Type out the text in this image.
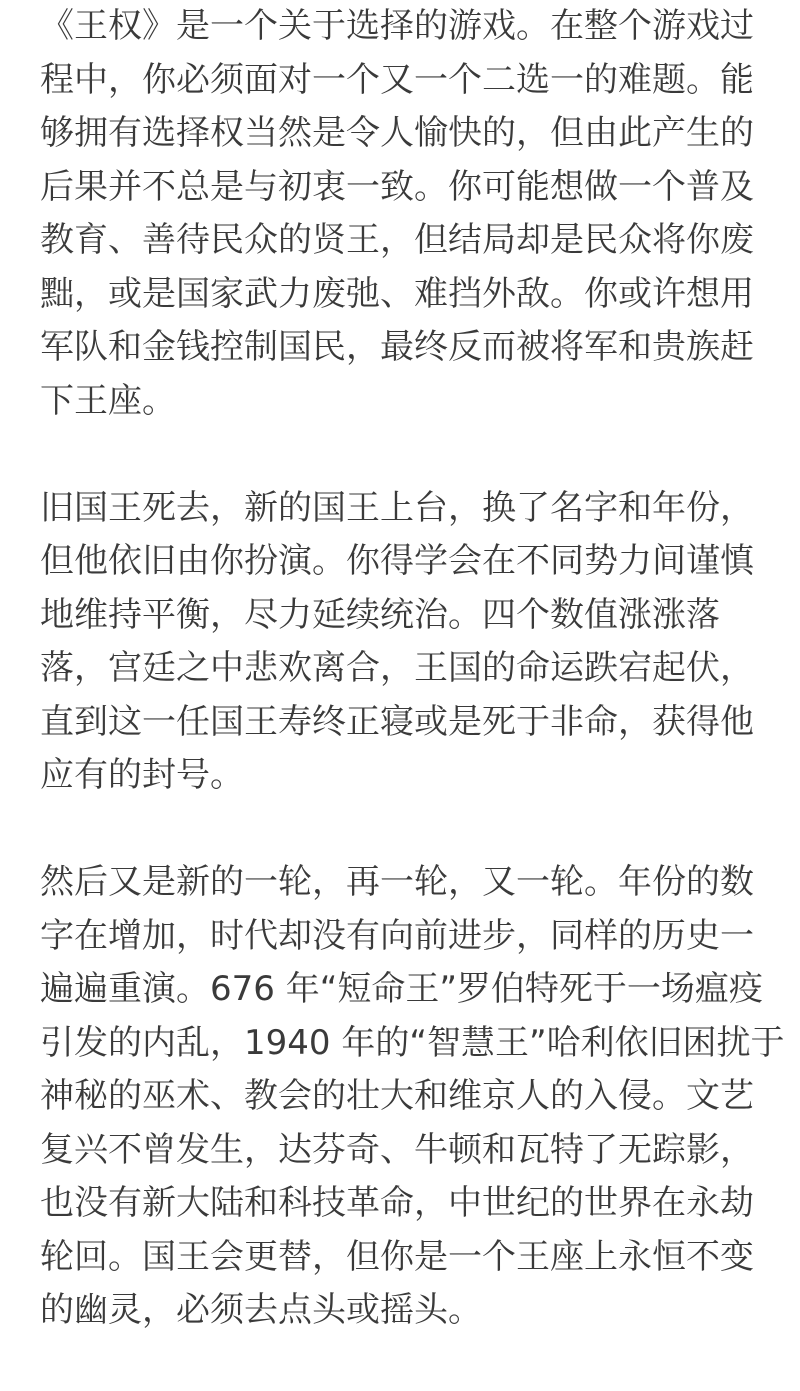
《王权》是一个关于选择的游戏。在整个游戏过
程中，你必须面对一个又一个二选一的难题。能
够拥有选择权当然是令人愉快的，但由此产生的
后果并不总是与初衷一致。你可能想做一个普及
教育、善待民众的贤王，但结局却是民众将你废
黜，或是国家武力废弛、难挡外敌。你或许想用
军队和金钱控制国民，最终反而被将军和贵族赶
下王座。
旧国王死去，新的国王上台，换了名字和年份，
但他依旧由你扮演。你得学会在不同势力间谨慎
地维持平衡，尽力延续统治。四个数值涨涨落
落，宫廷之中悲欢离合，王国的命运跌宕起伏，
直到这一任国王寿终正寝或是死于非命，获得他
应有的封号。
然后又是新的一轮，再一轮，又一轮。年份的数
字在增加，时代却没有向前进步，同样的历史一
遍遍重演。676 年“短命王”罗伯特死于一场瘟疫
引发的内乱，1940 年的“智慧王”哈利依旧困扰于
神秘的巫术、教会的壮大和维京人的入侵。文艺
复兴不曾发生，达芬奇、牛顿和瓦特了无踪影，
也没有新大陆和科技革命，中世纪的世界在永劫
轮回。国王会更替，但你是一个王座上永恒不变
的幽灵，必须去点头或摇头。
